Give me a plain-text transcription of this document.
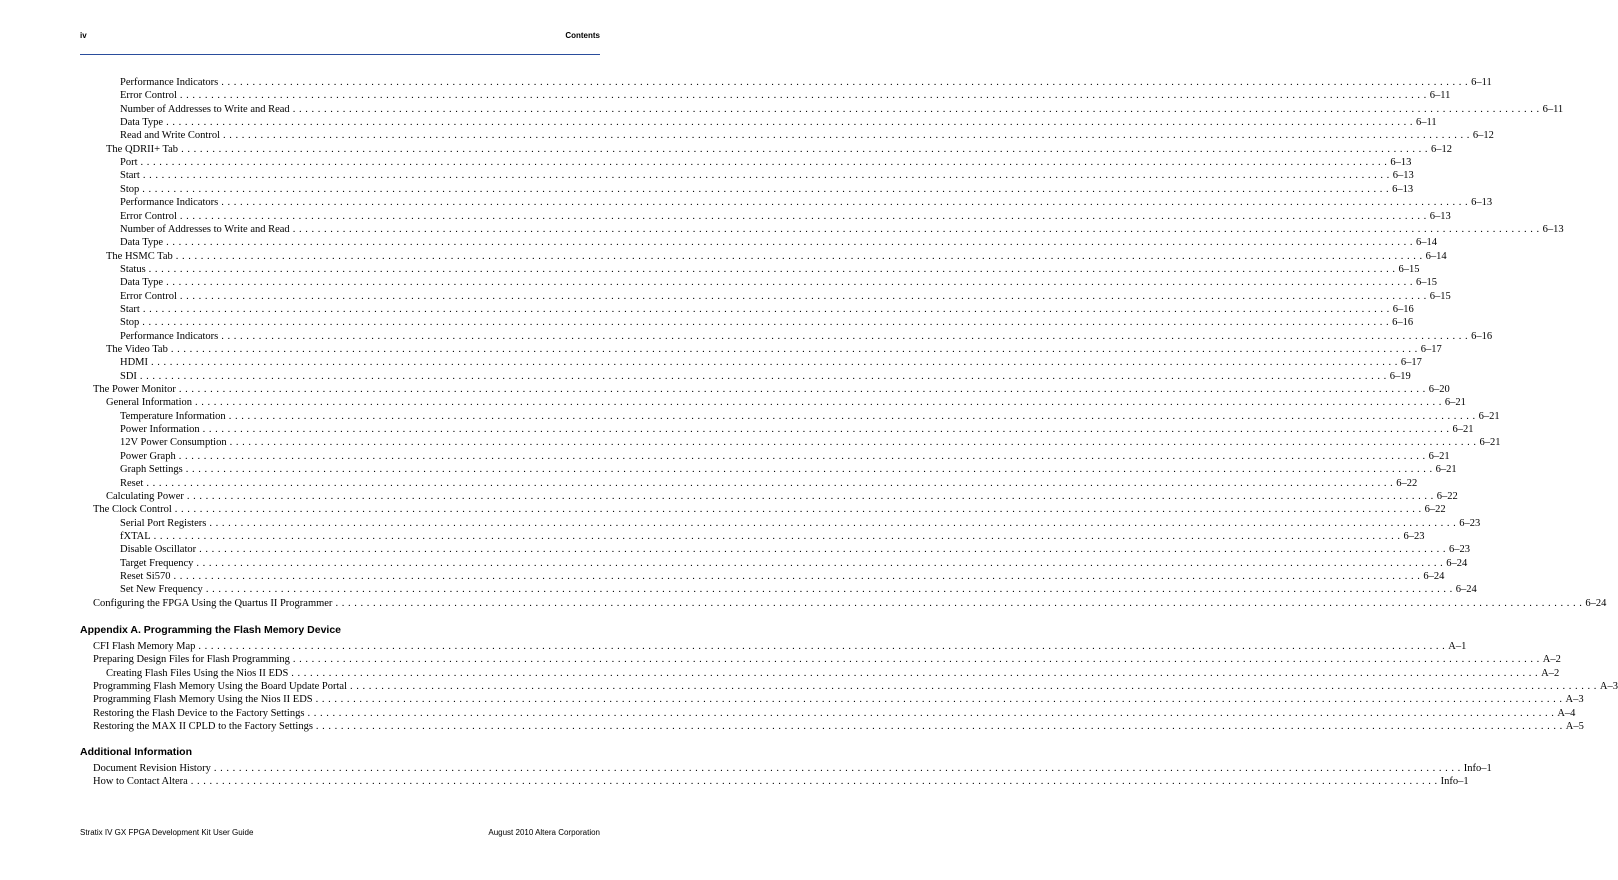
iv	Contents
Performance Indicators . . . . . . . . . . . . . . . . . . . . . . . . . . . . . . . . . . . . . . . . . . . . . . . . . . . . . . . . . . . . . . . . . . . . . . . . . . . . . . . . . . . . . . . . . . . . . . . . . . . . . . . . . . . . . . . . . . . . . . . . . . . . . . . . . . . . . . . . . . . . . . . . . . . . . . . . . . . . . . . . . . . . . . . . . . . . . . . . . . . . . . . . . . . . . . . . . . . . . . . . 6–11
Error Control . . . . . . . . . . . . . . . . . . . . . . . . . . . . . . . . . . . . . . . . . . . . . . . . . . . . . . . . . . . . . . . . . . . . . . . . . . . . . . . . . . . . . . . . . . . . . . . . . . . . . . . . . . . . . . . . . . . . . . . . . . . . . . . . . . . . . . . . . . . . . . . . . . . . . . . . . . . . . . . . . . . . . . . . . . . . . . . . . . . . . . . . . . . . . . . . . . . . . . . . 6–11
Number of Addresses to Write and Read . . . . . . . . . . . . . . . . . . . . . . . . . . . . . . . . . . . . . . . . . . . . . . . . . . . . . . . . . . . . . . . . . . . . . . . . . . . . . . . . . . . . . . . . . . . . . . . . . . . . . . . . . . . . . . . . . . . . . . . . . . . . . . . . . . . . . . . . . . . . . . . . . . . . . . . . . . . . . . . . . . . . . . . . . . . . . . . . . . . . . . . . . . . . . . . . . . . . . . . . 6–11
Data Type . . . . . . . . . . . . . . . . . . . . . . . . . . . . . . . . . . . . . . . . . . . . . . . . . . . . . . . . . . . . . . . . . . . . . . . . . . . . . . . . . . . . . . . . . . . . . . . . . . . . . . . . . . . . . . . . . . . . . . . . . . . . . . . . . . . . . . . . . . . . . . . . . . . . . . . . . . . . . . . . . . . . . . . . . . . . . . . . . . . . . . . . . . . . . . . . . . . . . . . . 6–11
Read and Write Control . . . . . . . . . . . . . . . . . . . . . . . . . . . . . . . . . . . . . . . . . . . . . . . . . . . . . . . . . . . . . . . . . . . . . . . . . . . . . . . . . . . . . . . . . . . . . . . . . . . . . . . . . . . . . . . . . . . . . . . . . . . . . . . . . . . . . . . . . . . . . . . . . . . . . . . . . . . . . . . . . . . . . . . . . . . . . . . . . . . . . . . . . . . . . . . . . . . . . . . . 6–12
The QDRII+ Tab . . . . . . . . . . . . . . . . . . . . . . . . . . . . . . . . . . . . . . . . . . . . . . . . . . . . . . . . . . . . . . . . . . . . . . . . . . . . . . . . . . . . . . . . . . . . . . . . . . . . . . . . . . . . . . . . . . . . . . . . . . . . . . . . . . . . . . . . . . . . . . . . . . . . . . . . . . . . . . . . . . . . . . . . . . . . . . . . . . . . . . . . . . . . . . . . . . . . . . . . 6–12
Port . . . . . . . . . . . . . . . . . . . . . . . . . . . . . . . . . . . . . . . . . . . . . . . . . . . . . . . . . . . . . . . . . . . . . . . . . . . . . . . . . . . . . . . . . . . . . . . . . . . . . . . . . . . . . . . . . . . . . . . . . . . . . . . . . . . . . . . . . . . . . . . . . . . . . . . . . . . . . . . . . . . . . . . . . . . . . . . . . . . . . . . . . . . . . . . . . . . . . . . . 6–13
Start . . . . . . . . . . . . . . . . . . . . . . . . . . . . . . . . . . . . . . . . . . . . . . . . . . . . . . . . . . . . . . . . . . . . . . . . . . . . . . . . . . . . . . . . . . . . . . . . . . . . . . . . . . . . . . . . . . . . . . . . . . . . . . . . . . . . . . . . . . . . . . . . . . . . . . . . . . . . . . . . . . . . . . . . . . . . . . . . . . . . . . . . . . . . . . . . . . . . . . . . 6–13
Stop . . . . . . . . . . . . . . . . . . . . . . . . . . . . . . . . . . . . . . . . . . . . . . . . . . . . . . . . . . . . . . . . . . . . . . . . . . . . . . . . . . . . . . . . . . . . . . . . . . . . . . . . . . . . . . . . . . . . . . . . . . . . . . . . . . . . . . . . . . . . . . . . . . . . . . . . . . . . . . . . . . . . . . . . . . . . . . . . . . . . . . . . . . . . . . . . . . . . . . . . 6–13
Performance Indicators . . . . . . . . . . . . . . . . . . . . . . . . . . . . . . . . . . . . . . . . . . . . . . . . . . . . . . . . . . . . . . . . . . . . . . . . . . . . . . . . . . . . . . . . . . . . . . . . . . . . . . . . . . . . . . . . . . . . . . . . . . . . . . . . . . . . . . . . . . . . . . . . . . . . . . . . . . . . . . . . . . . . . . . . . . . . . . . . . . . . . . . . . . . . . . . . . . . . . . . . 6–13
Error Control . . . . . . . . . . . . . . . . . . . . . . . . . . . . . . . . . . . . . . . . . . . . . . . . . . . . . . . . . . . . . . . . . . . . . . . . . . . . . . . . . . . . . . . . . . . . . . . . . . . . . . . . . . . . . . . . . . . . . . . . . . . . . . . . . . . . . . . . . . . . . . . . . . . . . . . . . . . . . . . . . . . . . . . . . . . . . . . . . . . . . . . . . . . . . . . . . . . . . . . . 6–13
Number of Addresses to Write and Read . . . . . . . . . . . . . . . . . . . . . . . . . . . . . . . . . . . . . . . . . . . . . . . . . . . . . . . . . . . . . . . . . . . . . . . . . . . . . . . . . . . . . . . . . . . . . . . . . . . . . . . . . . . . . . . . . . . . . . . . . . . . . . . . . . . . . . . . . . . . . . . . . . . . . . . . . . . . . . . . . . . . . . . . . . . . . . . . . . . . . . . . . . . . . . . . . . . . . . . . 6–13
Data Type . . . . . . . . . . . . . . . . . . . . . . . . . . . . . . . . . . . . . . . . . . . . . . . . . . . . . . . . . . . . . . . . . . . . . . . . . . . . . . . . . . . . . . . . . . . . . . . . . . . . . . . . . . . . . . . . . . . . . . . . . . . . . . . . . . . . . . . . . . . . . . . . . . . . . . . . . . . . . . . . . . . . . . . . . . . . . . . . . . . . . . . . . . . . . . . . . . . . . . . . 6–14
The HSMC Tab . . . . . . . . . . . . . . . . . . . . . . . . . . . . . . . . . . . . . . . . . . . . . . . . . . . . . . . . . . . . . . . . . . . . . . . . . . . . . . . . . . . . . . . . . . . . . . . . . . . . . . . . . . . . . . . . . . . . . . . . . . . . . . . . . . . . . . . . . . . . . . . . . . . . . . . . . . . . . . . . . . . . . . . . . . . . . . . . . . . . . . . . . . . . . . . . . . . . . . . . 6–14
Status . . . . . . . . . . . . . . . . . . . . . . . . . . . . . . . . . . . . . . . . . . . . . . . . . . . . . . . . . . . . . . . . . . . . . . . . . . . . . . . . . . . . . . . . . . . . . . . . . . . . . . . . . . . . . . . . . . . . . . . . . . . . . . . . . . . . . . . . . . . . . . . . . . . . . . . . . . . . . . . . . . . . . . . . . . . . . . . . . . . . . . . . . . . . . . . . . . . . . . . . 6–15
Data Type . . . . . . . . . . . . . . . . . . . . . . . . . . . . . . . . . . . . . . . . . . . . . . . . . . . . . . . . . . . . . . . . . . . . . . . . . . . . . . . . . . . . . . . . . . . . . . . . . . . . . . . . . . . . . . . . . . . . . . . . . . . . . . . . . . . . . . . . . . . . . . . . . . . . . . . . . . . . . . . . . . . . . . . . . . . . . . . . . . . . . . . . . . . . . . . . . . . . . . . . 6–15
Error Control . . . . . . . . . . . . . . . . . . . . . . . . . . . . . . . . . . . . . . . . . . . . . . . . . . . . . . . . . . . . . . . . . . . . . . . . . . . . . . . . . . . . . . . . . . . . . . . . . . . . . . . . . . . . . . . . . . . . . . . . . . . . . . . . . . . . . . . . . . . . . . . . . . . . . . . . . . . . . . . . . . . . . . . . . . . . . . . . . . . . . . . . . . . . . . . . . . . . . . . . 6–15
Start . . . . . . . . . . . . . . . . . . . . . . . . . . . . . . . . . . . . . . . . . . . . . . . . . . . . . . . . . . . . . . . . . . . . . . . . . . . . . . . . . . . . . . . . . . . . . . . . . . . . . . . . . . . . . . . . . . . . . . . . . . . . . . . . . . . . . . . . . . . . . . . . . . . . . . . . . . . . . . . . . . . . . . . . . . . . . . . . . . . . . . . . . . . . . . . . . . . . . . . . 6–16
Stop . . . . . . . . . . . . . . . . . . . . . . . . . . . . . . . . . . . . . . . . . . . . . . . . . . . . . . . . . . . . . . . . . . . . . . . . . . . . . . . . . . . . . . . . . . . . . . . . . . . . . . . . . . . . . . . . . . . . . . . . . . . . . . . . . . . . . . . . . . . . . . . . . . . . . . . . . . . . . . . . . . . . . . . . . . . . . . . . . . . . . . . . . . . . . . . . . . . . . . . . 6–16
Performance Indicators . . . . . . . . . . . . . . . . . . . . . . . . . . . . . . . . . . . . . . . . . . . . . . . . . . . . . . . . . . . . . . . . . . . . . . . . . . . . . . . . . . . . . . . . . . . . . . . . . . . . . . . . . . . . . . . . . . . . . . . . . . . . . . . . . . . . . . . . . . . . . . . . . . . . . . . . . . . . . . . . . . . . . . . . . . . . . . . . . . . . . . . . . . . . . . . . . . . . . . . . 6–16
The Video Tab . . . . . . . . . . . . . . . . . . . . . . . . . . . . . . . . . . . . . . . . . . . . . . . . . . . . . . . . . . . . . . . . . . . . . . . . . . . . . . . . . . . . . . . . . . . . . . . . . . . . . . . . . . . . . . . . . . . . . . . . . . . . . . . . . . . . . . . . . . . . . . . . . . . . . . . . . . . . . . . . . . . . . . . . . . . . . . . . . . . . . . . . . . . . . . . . . . . . . . . . 6–17
HDMI . . . . . . . . . . . . . . . . . . . . . . . . . . . . . . . . . . . . . . . . . . . . . . . . . . . . . . . . . . . . . . . . . . . . . . . . . . . . . . . . . . . . . . . . . . . . . . . . . . . . . . . . . . . . . . . . . . . . . . . . . . . . . . . . . . . . . . . . . . . . . . . . . . . . . . . . . . . . . . . . . . . . . . . . . . . . . . . . . . . . . . . . . . . . . . . . . . . . . . . . 6–17
SDI . . . . . . . . . . . . . . . . . . . . . . . . . . . . . . . . . . . . . . . . . . . . . . . . . . . . . . . . . . . . . . . . . . . . . . . . . . . . . . . . . . . . . . . . . . . . . . . . . . . . . . . . . . . . . . . . . . . . . . . . . . . . . . . . . . . . . . . . . . . . . . . . . . . . . . . . . . . . . . . . . . . . . . . . . . . . . . . . . . . . . . . . . . . . . . . . . . . . . . . . 6–19
The Power Monitor . . . . . . . . . . . . . . . . . . . . . . . . . . . . . . . . . . . . . . . . . . . . . . . . . . . . . . . . . . . . . . . . . . . . . . . . . . . . . . . . . . . . . . . . . . . . . . . . . . . . . . . . . . . . . . . . . . . . . . . . . . . . . . . . . . . . . . . . . . . . . . . . . . . . . . . . . . . . . . . . . . . . . . . . . . . . . . . . . . . . . . . . . . . . . . . . . . . . . . . . 6–20
General Information . . . . . . . . . . . . . . . . . . . . . . . . . . . . . . . . . . . . . . . . . . . . . . . . . . . . . . . . . . . . . . . . . . . . . . . . . . . . . . . . . . . . . . . . . . . . . . . . . . . . . . . . . . . . . . . . . . . . . . . . . . . . . . . . . . . . . . . . . . . . . . . . . . . . . . . . . . . . . . . . . . . . . . . . . . . . . . . . . . . . . . . . . . . . . . . . . . . . . . . . 6–21
Temperature Information . . . . . . . . . . . . . . . . . . . . . . . . . . . . . . . . . . . . . . . . . . . . . . . . . . . . . . . . . . . . . . . . . . . . . . . . . . . . . . . . . . . . . . . . . . . . . . . . . . . . . . . . . . . . . . . . . . . . . . . . . . . . . . . . . . . . . . . . . . . . . . . . . . . . . . . . . . . . . . . . . . . . . . . . . . . . . . . . . . . . . . . . . . . . . . . . . . . . . . . . 6–21
Power Information . . . . . . . . . . . . . . . . . . . . . . . . . . . . . . . . . . . . . . . . . . . . . . . . . . . . . . . . . . . . . . . . . . . . . . . . . . . . . . . . . . . . . . . . . . . . . . . . . . . . . . . . . . . . . . . . . . . . . . . . . . . . . . . . . . . . . . . . . . . . . . . . . . . . . . . . . . . . . . . . . . . . . . . . . . . . . . . . . . . . . . . . . . . . . . . . . . . . . . . . 6–21
12V Power Consumption . . . . . . . . . . . . . . . . . . . . . . . . . . . . . . . . . . . . . . . . . . . . . . . . . . . . . . . . . . . . . . . . . . . . . . . . . . . . . . . . . . . . . . . . . . . . . . . . . . . . . . . . . . . . . . . . . . . . . . . . . . . . . . . . . . . . . . . . . . . . . . . . . . . . . . . . . . . . . . . . . . . . . . . . . . . . . . . . . . . . . . . . . . . . . . . . . . . . . . . . 6–21
Power Graph . . . . . . . . . . . . . . . . . . . . . . . . . . . . . . . . . . . . . . . . . . . . . . . . . . . . . . . . . . . . . . . . . . . . . . . . . . . . . . . . . . . . . . . . . . . . . . . . . . . . . . . . . . . . . . . . . . . . . . . . . . . . . . . . . . . . . . . . . . . . . . . . . . . . . . . . . . . . . . . . . . . . . . . . . . . . . . . . . . . . . . . . . . . . . . . . . . . . . . . . 6–21
Graph Settings . . . . . . . . . . . . . . . . . . . . . . . . . . . . . . . . . . . . . . . . . . . . . . . . . . . . . . . . . . . . . . . . . . . . . . . . . . . . . . . . . . . . . . . . . . . . . . . . . . . . . . . . . . . . . . . . . . . . . . . . . . . . . . . . . . . . . . . . . . . . . . . . . . . . . . . . . . . . . . . . . . . . . . . . . . . . . . . . . . . . . . . . . . . . . . . . . . . . . . . . 6–21
Reset . . . . . . . . . . . . . . . . . . . . . . . . . . . . . . . . . . . . . . . . . . . . . . . . . . . . . . . . . . . . . . . . . . . . . . . . . . . . . . . . . . . . . . . . . . . . . . . . . . . . . . . . . . . . . . . . . . . . . . . . . . . . . . . . . . . . . . . . . . . . . . . . . . . . . . . . . . . . . . . . . . . . . . . . . . . . . . . . . . . . . . . . . . . . . . . . . . . . . . . . 6–22
Calculating Power . . . . . . . . . . . . . . . . . . . . . . . . . . . . . . . . . . . . . . . . . . . . . . . . . . . . . . . . . . . . . . . . . . . . . . . . . . . . . . . . . . . . . . . . . . . . . . . . . . . . . . . . . . . . . . . . . . . . . . . . . . . . . . . . . . . . . . . . . . . . . . . . . . . . . . . . . . . . . . . . . . . . . . . . . . . . . . . . . . . . . . . . . . . . . . . . . . . . . . . . 6–22
The Clock Control . . . . . . . . . . . . . . . . . . . . . . . . . . . . . . . . . . . . . . . . . . . . . . . . . . . . . . . . . . . . . . . . . . . . . . . . . . . . . . . . . . . . . . . . . . . . . . . . . . . . . . . . . . . . . . . . . . . . . . . . . . . . . . . . . . . . . . . . . . . . . . . . . . . . . . . . . . . . . . . . . . . . . . . . . . . . . . . . . . . . . . . . . . . . . . . . . . . . . . . . 6–22
Serial Port Registers . . . . . . . . . . . . . . . . . . . . . . . . . . . . . . . . . . . . . . . . . . . . . . . . . . . . . . . . . . . . . . . . . . . . . . . . . . . . . . . . . . . . . . . . . . . . . . . . . . . . . . . . . . . . . . . . . . . . . . . . . . . . . . . . . . . . . . . . . . . . . . . . . . . . . . . . . . . . . . . . . . . . . . . . . . . . . . . . . . . . . . . . . . . . . . . . . . . . . . . . 6–23
fXTAL . . . . . . . . . . . . . . . . . . . . . . . . . . . . . . . . . . . . . . . . . . . . . . . . . . . . . . . . . . . . . . . . . . . . . . . . . . . . . . . . . . . . . . . . . . . . . . . . . . . . . . . . . . . . . . . . . . . . . . . . . . . . . . . . . . . . . . . . . . . . . . . . . . . . . . . . . . . . . . . . . . . . . . . . . . . . . . . . . . . . . . . . . . . . . . . . . . . . . . . . 6–23
Disable Oscillator . . . . . . . . . . . . . . . . . . . . . . . . . . . . . . . . . . . . . . . . . . . . . . . . . . . . . . . . . . . . . . . . . . . . . . . . . . . . . . . . . . . . . . . . . . . . . . . . . . . . . . . . . . . . . . . . . . . . . . . . . . . . . . . . . . . . . . . . . . . . . . . . . . . . . . . . . . . . . . . . . . . . . . . . . . . . . . . . . . . . . . . . . . . . . . . . . . . . . . . . 6–23
Target Frequency . . . . . . . . . . . . . . . . . . . . . . . . . . . . . . . . . . . . . . . . . . . . . . . . . . . . . . . . . . . . . . . . . . . . . . . . . . . . . . . . . . . . . . . . . . . . . . . . . . . . . . . . . . . . . . . . . . . . . . . . . . . . . . . . . . . . . . . . . . . . . . . . . . . . . . . . . . . . . . . . . . . . . . . . . . . . . . . . . . . . . . . . . . . . . . . . . . . . . . . . 6–24
Reset Si570 . . . . . . . . . . . . . . . . . . . . . . . . . . . . . . . . . . . . . . . . . . . . . . . . . . . . . . . . . . . . . . . . . . . . . . . . . . . . . . . . . . . . . . . . . . . . . . . . . . . . . . . . . . . . . . . . . . . . . . . . . . . . . . . . . . . . . . . . . . . . . . . . . . . . . . . . . . . . . . . . . . . . . . . . . . . . . . . . . . . . . . . . . . . . . . . . . . . . . . . . 6–24
Set New Frequency . . . . . . . . . . . . . . . . . . . . . . . . . . . . . . . . . . . . . . . . . . . . . . . . . . . . . . . . . . . . . . . . . . . . . . . . . . . . . . . . . . . . . . . . . . . . . . . . . . . . . . . . . . . . . . . . . . . . . . . . . . . . . . . . . . . . . . . . . . . . . . . . . . . . . . . . . . . . . . . . . . . . . . . . . . . . . . . . . . . . . . . . . . . . . . . . . . . . . . . . 6–24
Configuring the FPGA Using the Quartus II Programmer . . . . . . . . . . . . . . . . . . . . . . . . . . . . . . . . . . . . . . . . . . . . . . . . . . . . . . . . . . . . . . . . . . . . . . . . . . . . . . . . . . . . . . . . . . . . . . . . . . . . . . . . . . . . . . . . . . . . . . . . . . . . . . . . . . . . . . . . . . . . . . . . . . . . . . . . . . . . . . . . . . . . . . . . . . . . . . . . . . . . . . . . . . . . . . . . . . . . . . . . 6–24
Appendix A. Programming the Flash Memory Device
CFI Flash Memory Map . . . . . . . . . . . . . . . . . . . . . . . . . . . . . . . . . . . . . . . . . . . . . . . . . . . . . . . . . . . . . . . . . . . . . . . . . . . . . . . . . . . . . . . . . . . . . . . . . . . . . . . . . . . . . . . . . . . . . . . . . . . . . . . . . . . . . . . . . . . . . . . . . . . . . . . . . . . . . . . . . . . . . . . . . . . . . . . . . . . . . . . . . . . . . . . . . . . . . . . . A–1
Preparing Design Files for Flash Programming . . . . . . . . . . . . . . . . . . . . . . . . . . . . . . . . . . . . . . . . . . . . . . . . . . . . . . . . . . . . . . . . . . . . . . . . . . . . . . . . . . . . . . . . . . . . . . . . . . . . . . . . . . . . . . . . . . . . . . . . . . . . . . . . . . . . . . . . . . . . . . . . . . . . . . . . . . . . . . . . . . . . . . . . . . . . . . . . . . . . . . . . . . . . . . . . . . . . . . . . A–2
Creating Flash Files Using the Nios II EDS . . . . . . . . . . . . . . . . . . . . . . . . . . . . . . . . . . . . . . . . . . . . . . . . . . . . . . . . . . . . . . . . . . . . . . . . . . . . . . . . . . . . . . . . . . . . . . . . . . . . . . . . . . . . . . . . . . . . . . . . . . . . . . . . . . . . . . . . . . . . . . . . . . . . . . . . . . . . . . . . . . . . . . . . . . . . . . . . . . . . . . . . . . . . . . . . . . . . . . . . A–2
Programming Flash Memory Using the Board Update Portal . . . . . . . . . . . . . . . . . . . . . . . . . . . . . . . . . . . . . . . . . . . . . . . . . . . . . . . . . . . . . . . . . . . . . . . . . . . . . . . . . . . . . . . . . . . . . . . . . . . . . . . . . . . . . . . . . . . . . . . . . . . . . . . . . . . . . . . . . . . . . . . . . . . . . . . . . . . . . . . . . . . . . . . . . . . . . . . . . . . . . . . . . . . . . . . . . . . . . . . . A–3
Programming Flash Memory Using the Nios II EDS . . . . . . . . . . . . . . . . . . . . . . . . . . . . . . . . . . . . . . . . . . . . . . . . . . . . . . . . . . . . . . . . . . . . . . . . . . . . . . . . . . . . . . . . . . . . . . . . . . . . . . . . . . . . . . . . . . . . . . . . . . . . . . . . . . . . . . . . . . . . . . . . . . . . . . . . . . . . . . . . . . . . . . . . . . . . . . . . . . . . . . . . . . . . . . . . . . . . . . . . A–3
Restoring the Flash Device to the Factory Settings . . . . . . . . . . . . . . . . . . . . . . . . . . . . . . . . . . . . . . . . . . . . . . . . . . . . . . . . . . . . . . . . . . . . . . . . . . . . . . . . . . . . . . . . . . . . . . . . . . . . . . . . . . . . . . . . . . . . . . . . . . . . . . . . . . . . . . . . . . . . . . . . . . . . . . . . . . . . . . . . . . . . . . . . . . . . . . . . . . . . . . . . . . . . . . . . . . . . . . . . A–4
Restoring the MAX II CPLD to the Factory Settings . . . . . . . . . . . . . . . . . . . . . . . . . . . . . . . . . . . . . . . . . . . . . . . . . . . . . . . . . . . . . . . . . . . . . . . . . . . . . . . . . . . . . . . . . . . . . . . . . . . . . . . . . . . . . . . . . . . . . . . . . . . . . . . . . . . . . . . . . . . . . . . . . . . . . . . . . . . . . . . . . . . . . . . . . . . . . . . . . . . . . . . . . . . . . . . . . . . . . . . . A–5
Additional Information
Document Revision History . . . . . . . . . . . . . . . . . . . . . . . . . . . . . . . . . . . . . . . . . . . . . . . . . . . . . . . . . . . . . . . . . . . . . . . . . . . . . . . . . . . . . . . . . . . . . . . . . . . . . . . . . . . . . . . . . . . . . . . . . . . . . . . . . . . . . . . . . . . . . . . . . . . . . . . . . . . . . . . . . . . . . . . . . . . . . . . . . . . . . . . . . . . . . . . . . . . . . . . . Info–1
How to Contact Altera . . . . . . . . . . . . . . . . . . . . . . . . . . . . . . . . . . . . . . . . . . . . . . . . . . . . . . . . . . . . . . . . . . . . . . . . . . . . . . . . . . . . . . . . . . . . . . . . . . . . . . . . . . . . . . . . . . . . . . . . . . . . . . . . . . . . . . . . . . . . . . . . . . . . . . . . . . . . . . . . . . . . . . . . . . . . . . . . . . . . . . . . . . . . . . . . . . . . . . . . Info–1
Stratix IV GX FPGA Development Kit User Guide	August 2010 Altera Corporation
